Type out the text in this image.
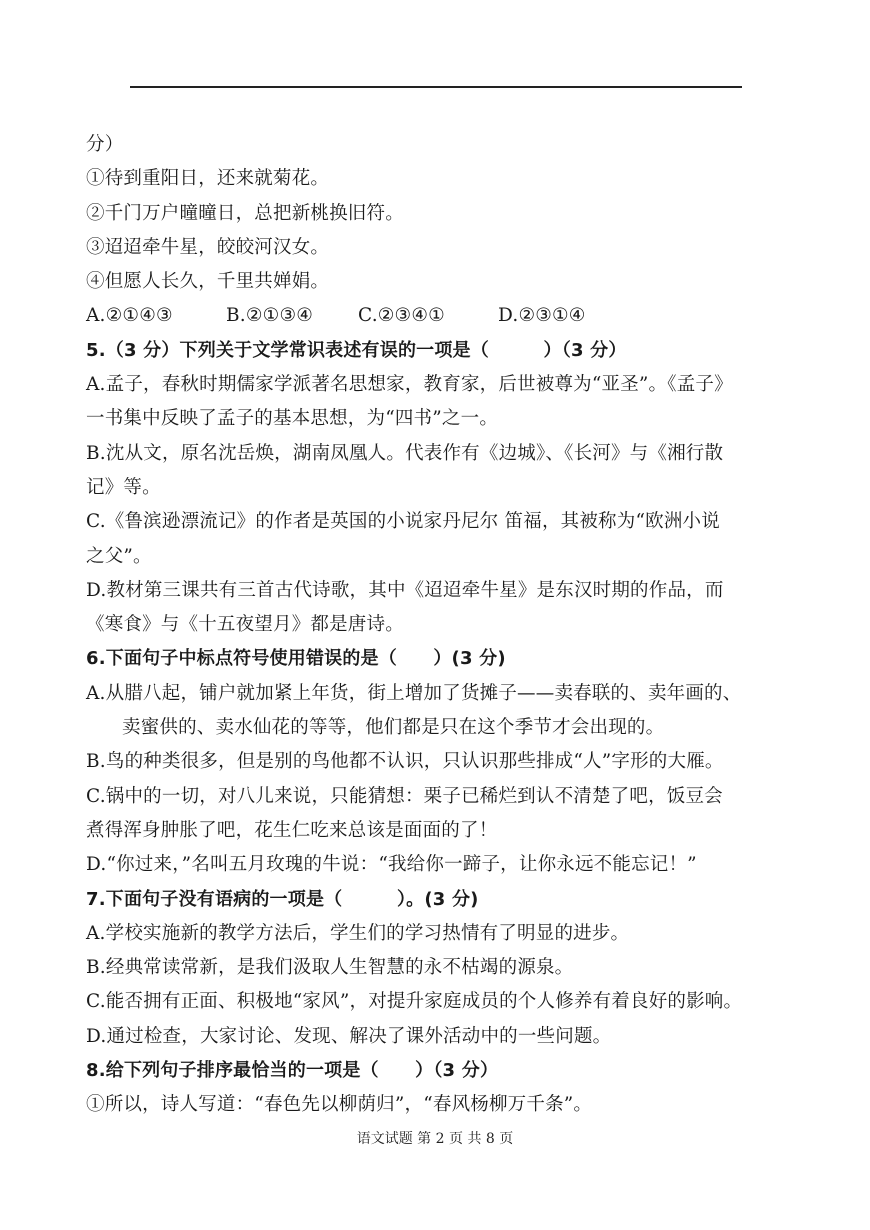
分）
①待到重阳日，还来就菊花。
②千门万户曈曈日，总把新桃换旧符。
③迢迢牵牛星，皎皎河汉女。
④但愿人长久，千里共婵娟。
A.②①④③	B.②①③④ C.②③④①	D.②③①④
5.（3 分）下列关于文学常识表述有误的一项是（　　　）（3 分）
A.孟子，春秋时期儒家学派著名思想家，教育家，后世被尊为“亚圣”。《孟子》
一书集中反映了孟子的基本思想，为“四书”之一。
B.沈从文，原名沈岳焕，湖南凤凰人。代表作有《边城》、《长河》与《湘行散
记》等。
C.《鲁滨逊漂流记》的作者是英国的小说家丹尼尔 笛福，其被称为“欧洲小说
之父”。
D.教材第三课共有三首古代诗歌，其中《迢迢牵牛星》是东汉时期的作品，而
《寒食》与《十五夜望月》都是唐诗。
6.下面句子中标点符号使用错误的是（　　）(3 分)
A.从腊八起，铺户就加紧上年货，街上增加了货摊子——卖春联的、卖年画的、
卖蜜供的、卖水仙花的等等，他们都是只在这个季节才会出现的。
B.鸟的种类很多，但是别的鸟他都不认识，只认识那些排成“人”字形的大雁。
C.锅中的一切，对八儿来说，只能猜想：栗子已稀烂到认不清楚了吧，饭豆会
煮得浑身肿胀了吧，花生仁吃来总该是面面的了！
D.“你过来，”名叫五月玫瑰的牛说：“我给你一蹄子，让你永远不能忘记！”
7.下面句子没有语病的一项是（　　　）。(3 分)
A.学校实施新的教学方法后，学生们的学习热情有了明显的进步。
B.经典常读常新，是我们汲取人生智慧的永不枯竭的源泉。
C.能否拥有正面、积极地“家风”，对提升家庭成员的个人修养有着良好的影响。
D.通过检查，大家讨论、发现、解决了课外活动中的一些问题。
8.给下列句子排序最恰当的一项是（　　）（3 分）
①所以，诗人写道：“春色先以柳荫归”，“春风杨柳万千条”。
语文试题 第 2 页 共 8 页
